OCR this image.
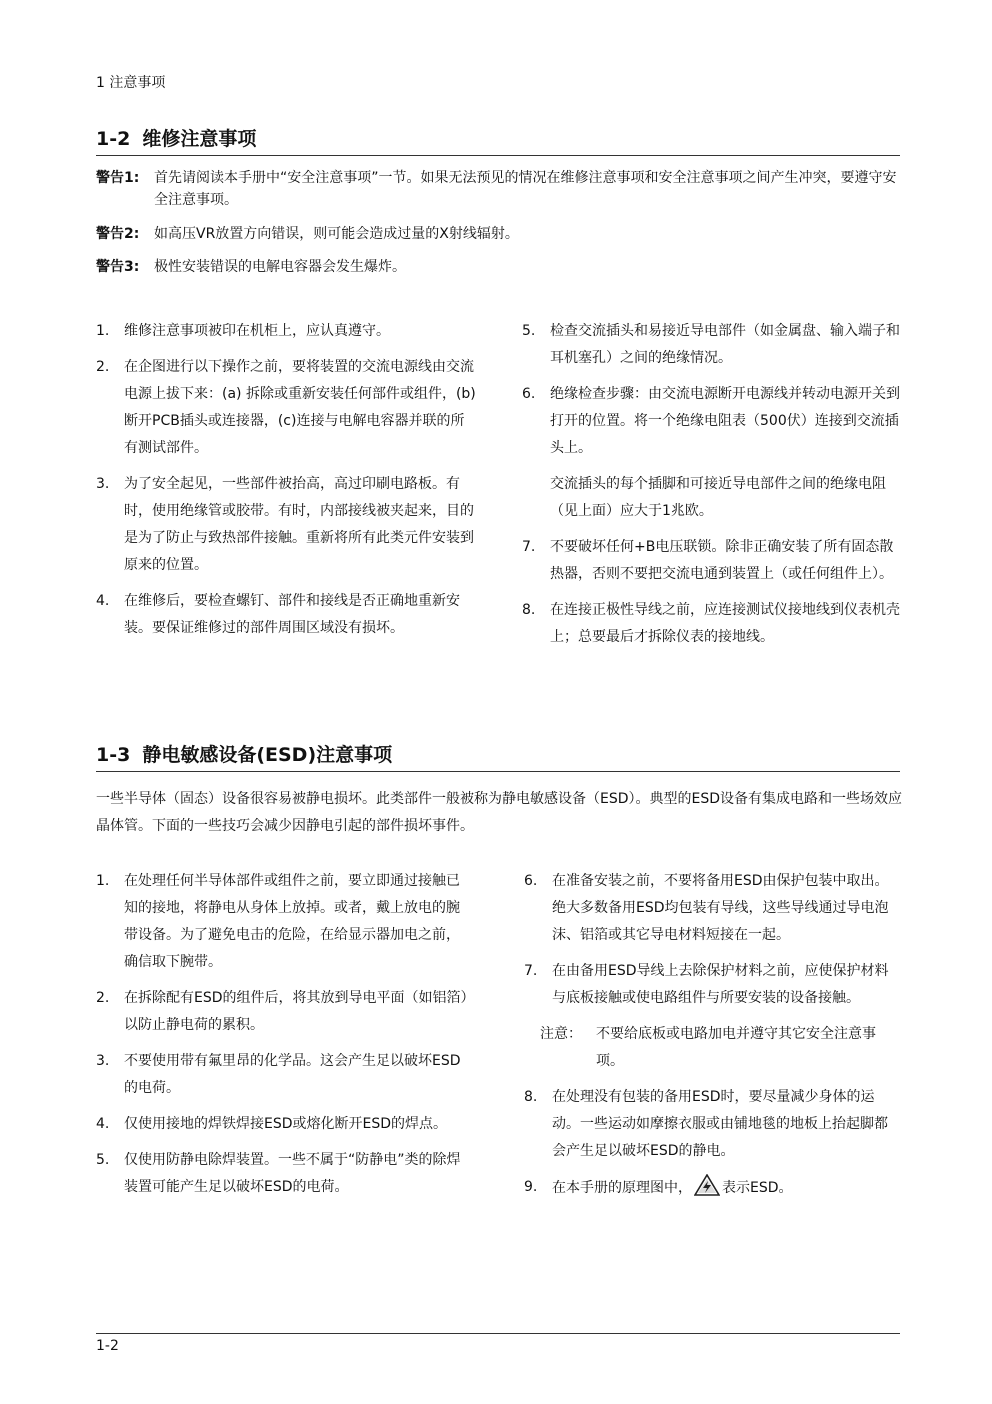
1 注意事项
1-2 维修注意事项
警告1:	首先请阅读本手册中“安全注意事项”一节。如果无法预见的情况在维修注意事项和安全注意事项之间产生冲突，要遵守安全注意事项。
警告2:	如高压VR放置方向错误，则可能会造成过量的X射线辐射。
警告3:	极性安装错误的电解电容器会发生爆炸。
1.	维修注意事项被印在机柜上，应认真遵守。
2.	在企图进行以下操作之前，要将装置的交流电源线由交流电源上拔下来：(a) 拆除或重新安装任何部件或组件，(b) 断开PCB插头或连接器，(c)连接与电解电容器并联的所有测试部件。
3.	为了安全起见，一些部件被抬高，高过印刷电路板。有时，使用绝缘管或胶带。有时，内部接线被夹起来，目的是为了防止与致热部件接触。重新将所有此类元件安装到原来的位置。
4.	在维修后，要检查螺钉、部件和接线是否正确地重新安装。要保证维修过的部件周围区域没有损坏。
5.	检查交流插头和易接近导电部件（如金属盘、输入端子和耳机塞孔）之间的绝缘情况。
6.	绝缘检查步骤：由交流电源断开电源线并转动电源开关到打开的位置。将一个绝缘电阻表（500伏）连接到交流插头上。
交流插头的每个插脚和可接近导电部件之间的绝缘电阻（见上面）应大于1兆欧。
7.	不要破坏任何+B电压联锁。除非正确安装了所有固态散热器，否则不要把交流电通到装置上（或任何组件上）。
8.	在连接正极性导线之前，应连接测试仪接地线到仪表机壳上；总要最后才拆除仪表的接地线。
1-3 静电敏感设备(ESD)注意事项
一些半导体（固态）设备很容易被静电损坏。此类部件一般被称为静电敏感设备（ESD）。典型的ESD设备有集成电路和一些场效应晶体管。下面的一些技巧会减少因静电引起的部件损坏事件。
1.	在处理任何半导体部件或组件之前，要立即通过接触已知的接地，将静电从身体上放掉。或者，戴上放电的腕带设备。为了避免电击的危险，在给显示器加电之前，确信取下腕带。
2.	在拆除配有ESD的组件后，将其放到导电平面（如铝箔）以防止静电荷的累积。
3.	不要使用带有氟里昂的化学品。这会产生足以破坏ESD的电荷。
4.	仅使用接地的焊铁焊接ESD或熔化断开ESD的焊点。
5.	仅使用防静电除焊装置。一些不属于“防静电”类的除焊装置可能产生足以破坏ESD的电荷。
6.	在准备安装之前，不要将备用ESD由保护包装中取出。绝大多数备用ESD均包装有导线，这些导线通过导电泡沫、铝箔或其它导电材料短接在一起。
7.	在由备用ESD导线上去除保护材料之前，应使保护材料与底板接触或使电路组件与所要安装的设备接触。
注意：	不要给底板或电路加电并遵守其它安全注意事项。
8.	在处理没有包装的备用ESD时，要尽量减少身体的运动。一些运动如摩擦衣服或由铺地毯的地板上抬起脚都会产生足以破坏ESD的静电。
9.	在本手册的原理图中， 表示ESD。
1-2
